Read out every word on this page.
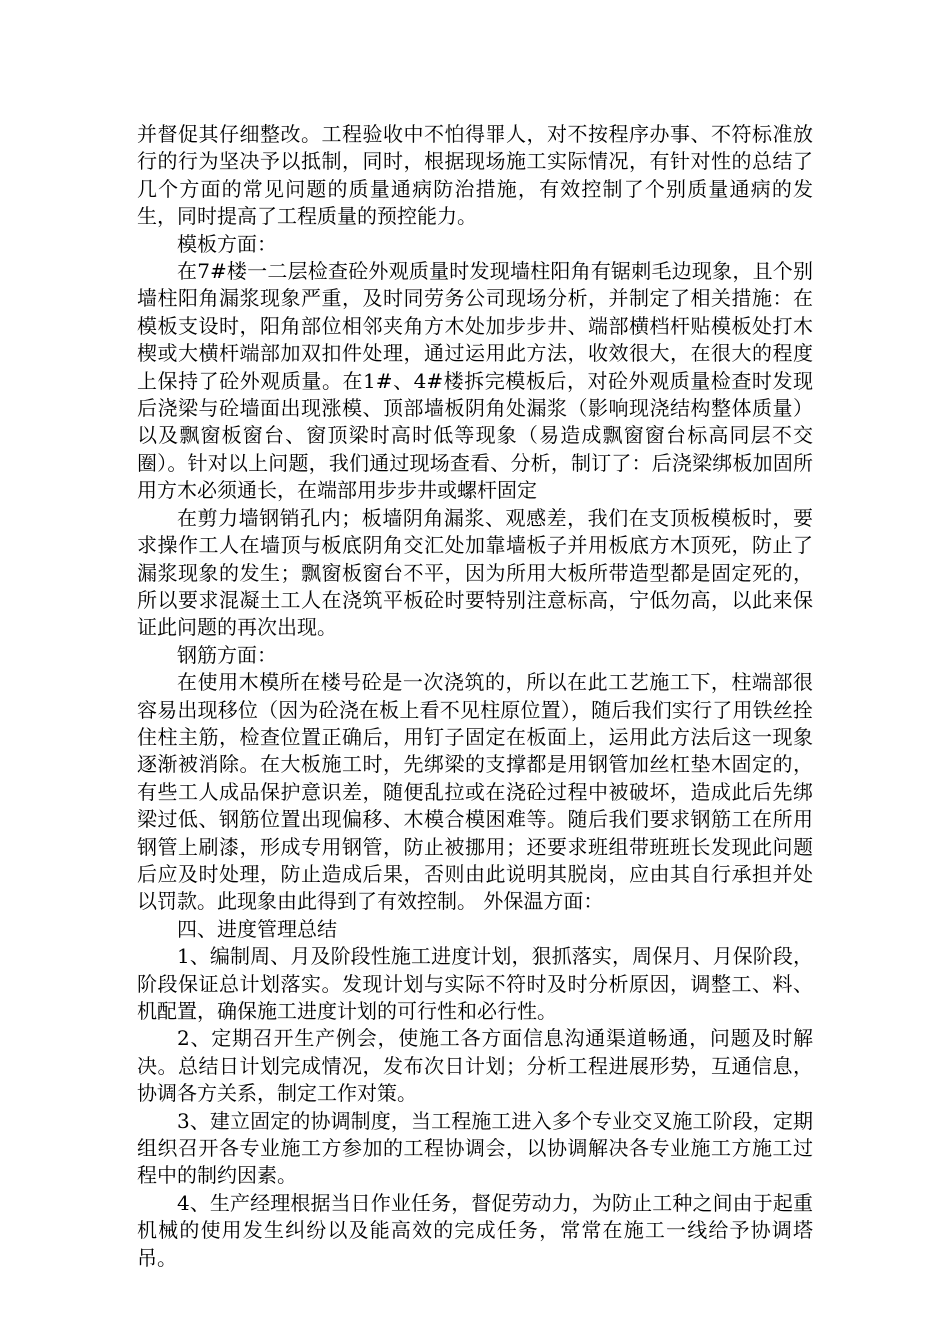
并督促其仔细整改。工程验收中不怕得罪人，对不按程序办事、不符标准放行的行为坚决予以抵制，同时，根据现场施工实际情况，有针对性的总结了几个方面的常见问题的质量通病防治措施，有效控制了个别质量通病的发生，同时提高了工程质量的预控能力。

模板方面：

在7#楼一二层检查砼外观质量时发现墙柱阳角有锯刺毛边现象，且个别墙柱阳角漏浆现象严重，及时同劳务公司现场分析，并制定了相关措施：在模板支设时，阳角部位相邻夹角方木处加步步井、端部横档杆贴模板处打木楔或大横杆端部加双扣件处理，通过运用此方法，收效很大，在很大的程度上保持了砼外观质量。在1#、4#楼拆完模板后，对砼外观质量检查时发现后浇梁与砼墙面出现涨模、顶部墙板阴角处漏浆（影响现浇结构整体质量）以及飘窗板窗台、窗顶梁时高时低等现象（易造成飘窗窗台标高同层不交圈）。针对以上问题，我们通过现场查看、分析，制订了：后浇梁绑板加固所用方木必须通长，在端部用步步井或螺杆固定

在剪力墙钢销孔内；板墙阴角漏浆、观感差，我们在支顶板模板时，要求操作工人在墙顶与板底阴角交汇处加靠墙板子并用板底方木顶死，防止了漏浆现象的发生；飘窗板窗台不平，因为所用大板所带造型都是固定死的，所以要求混凝土工人在浇筑平板砼时要特别注意标高，宁低勿高，以此来保证此问题的再次出现。

钢筋方面：

在使用木模所在楼号砼是一次浇筑的，所以在此工艺施工下，柱端部很容易出现移位（因为砼浇在板上看不见柱原位置），随后我们实行了用铁丝拴住柱主筋，检查位置正确后，用钉子固定在板面上，运用此方法后这一现象逐渐被消除。在大板施工时，先绑梁的支撑都是用钢管加丝杠垫木固定的，有些工人成品保护意识差，随便乱拉或在浇砼过程中被破坏，造成此后先绑梁过低、钢筋位置出现偏移、木模合模困难等。随后我们要求钢筋工在所用钢管上刷漆，形成专用钢管，防止被挪用；还要求班组带班班长发现此问题后应及时处理，防止造成后果，否则由此说明其脱岗，应由其自行承担并处以罚款。此现象由此得到了有效控制。 外保温方面：

四、进度管理总结

1、编制周、月及阶段性施工进度计划，狠抓落实，周保月、月保阶段，阶段保证总计划落实。发现计划与实际不符时及时分析原因，调整工、料、机配置，确保施工进度计划的可行性和必行性。

2、定期召开生产例会，使施工各方面信息沟通渠道畅通，问题及时解决。总结日计划完成情况，发布次日计划；分析工程进展形势，互通信息，协调各方关系，制定工作对策。

3、建立固定的协调制度，当工程施工进入多个专业交叉施工阶段，定期组织召开各专业施工方参加的工程协调会，以协调解决各专业施工方施工过程中的制约因素。

4、生产经理根据当日作业任务，督促劳动力，为防止工种之间由于起重机械的使用发生纠纷以及能高效的完成任务，常常在施工一线给予协调塔吊。
